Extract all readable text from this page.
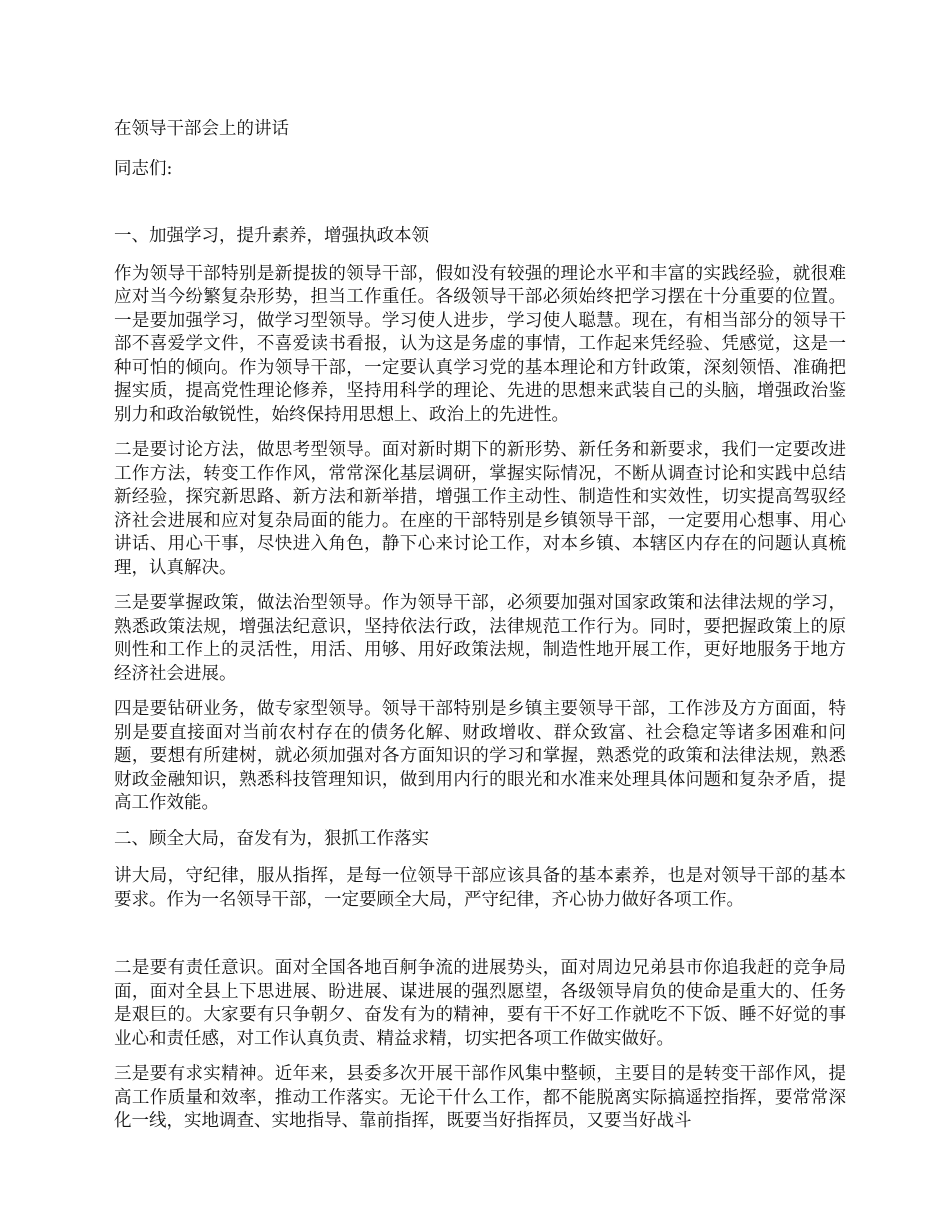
在领导干部会上的讲话

同志们:

一、加强学习，提升素养，增强执政本领

作为领导干部特别是新提拔的领导干部，假如没有较强的理论水平和丰富的实践经验，就很难应对当今纷繁复杂形势，担当工作重任。各级领导干部必须始终把学习摆在十分重要的位置。 一是要加强学习，做学习型领导。学习使人进步，学习使人聪慧。现在，有相当部分的领导干部不喜爱学文件，不喜爱读书看报，认为这是务虚的事情，工作起来凭经验、凭感觉，这是一种可怕的倾向。作为领导干部，一定要认真学习党的基本理论和方针政策，深刻领悟、准确把握实质，提高党性理论修养，坚持用科学的理论、先进的思想来武装自己的头脑，增强政治鉴别力和政治敏锐性，始终保持用思想上、政治上的先进性。

二是要讨论方法，做思考型领导。面对新时期下的新形势、新任务和新要求，我们一定要改进工作方法，转变工作作风，常常深化基层调研，掌握实际情况，不断从调查讨论和实践中总结新经验，探究新思路、新方法和新举措，增强工作主动性、制造性和实效性，切实提高驾驭经济社会进展和应对复杂局面的能力。在座的干部特别是乡镇领导干部，一定要用心想事、用心讲话、用心干事，尽快进入角色，静下心来讨论工作，对本乡镇、本辖区内存在的问题认真梳理，认真解决。

三是要掌握政策，做法治型领导。作为领导干部，必须要加强对国家政策和法律法规的学习，熟悉政策法规，增强法纪意识，坚持依法行政，法律规范工作行为。同时，要把握政策上的原则性和工作上的灵活性，用活、用够、用好政策法规，制造性地开展工作，更好地服务于地方经济社会进展。

四是要钻研业务，做专家型领导。领导干部特别是乡镇主要领导干部，工作涉及方方面面，特别是要直接面对当前农村存在的债务化解、财政增收、群众致富、社会稳定等诸多困难和问题，要想有所建树，就必须加强对各方面知识的学习和掌握，熟悉党的政策和法律法规，熟悉财政金融知识，熟悉科技管理知识，做到用内行的眼光和水准来处理具体问题和复杂矛盾，提高工作效能。

二、顾全大局，奋发有为，狠抓工作落实

讲大局，守纪律，服从指挥，是每一位领导干部应该具备的基本素养，也是对领导干部的基本要求。作为一名领导干部，一定要顾全大局，严守纪律，齐心协力做好各项工作。

二是要有责任意识。面对全国各地百舸争流的进展势头，面对周边兄弟县市你追我赶的竞争局面，面对全县上下思进展、盼进展、谋进展的强烈愿望，各级领导肩负的使命是重大的、任务是艰巨的。大家要有只争朝夕、奋发有为的精神，要有干不好工作就吃不下饭、睡不好觉的事业心和责任感，对工作认真负责、精益求精，切实把各项工作做实做好。

三是要有求实精神。近年来，县委多次开展干部作风集中整顿，主要目的是转变干部作风，提高工作质量和效率，推动工作落实。无论干什么工作，都不能脱离实际搞遥控指挥，要常常深化一线，实地调查、实地指导、靠前指挥，既要当好指挥员，又要当好战斗
